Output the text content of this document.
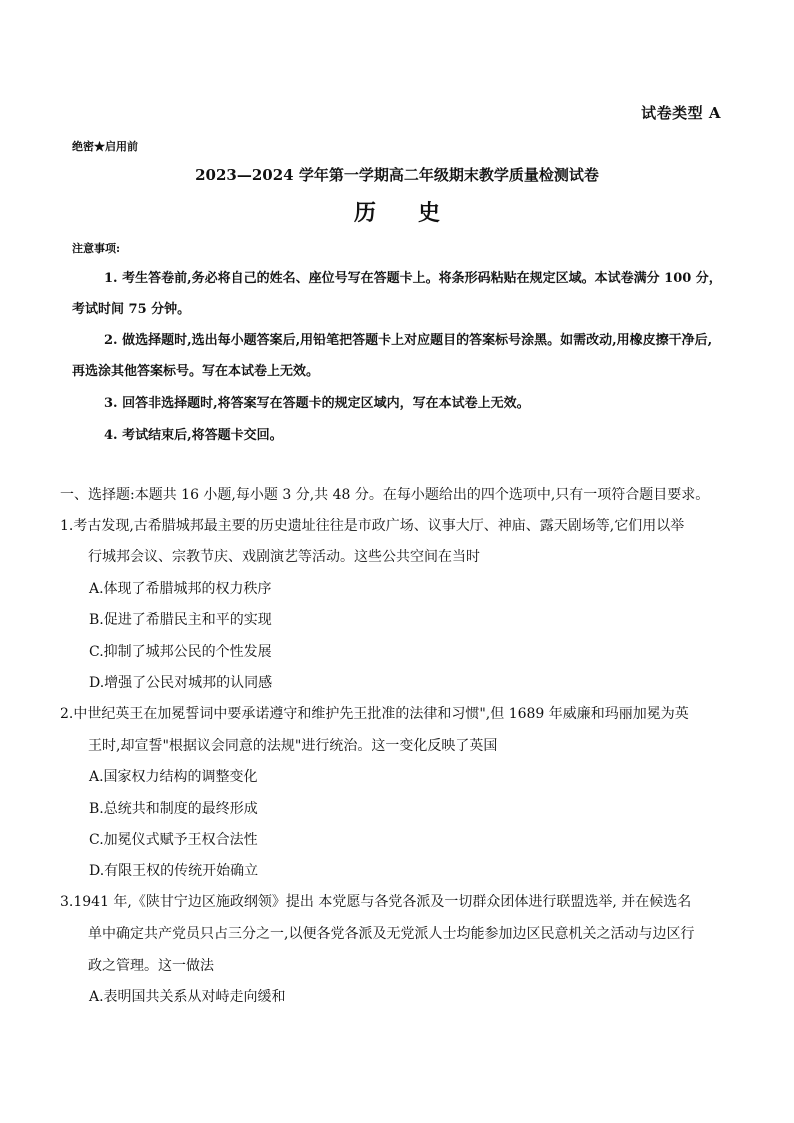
试卷类型 A
绝密★启用前
2023—2024 学年第一学期高二年级期末教学质量检测试卷
历史
注意事项:
1. 考生答卷前,务必将自己的姓名、座位号写在答题卡上。将条形码粘贴在规定区域。本试卷满分 100 分，考试时间 75 分钟。
2. 做选择题时,选出每小题答案后,用铅笔把答题卡上对应题目的答案标号涂黑。如需改动,用橡皮擦干净后,再选涂其他答案标号。写在本试卷上无效。
3. 回答非选择题时,将答案写在答题卡的规定区域内，写在本试卷上无效。
4. 考试结束后,将答题卡交回。
一、选择题:本题共 16 小题,每小题 3 分,共 48 分。在每小题给出的四个选项中,只有一项符合题目要求。
1.考古发现,古希腊城邦最主要的历史遗址往往是市政广场、议事大厅、神庙、露天剧场等,它们用以举
行城邦会议、宗教节庆、戏剧演艺等活动。这些公共空间在当时
A.体现了希腊城邦的权力秩序
B.促进了希腊民主和平的实现
C.抑制了城邦公民的个性发展
D.增强了公民对城邦的认同感
2.中世纪英王在加冕誓词中要承诺遵守和维护先王批准的法律和习惯",但 1689 年威廉和玛丽加冕为英
王时,却宣誓"根据议会同意的法规"进行统治。这一变化反映了英国
A.国家权力结构的调整变化
B.总统共和制度的最终形成
C.加冕仪式赋予王权合法性
D.有限王权的传统开始确立
3.1941 年,《陕甘宁边区施政纲领》提出 本党愿与各党各派及一切群众团体进行联盟选举, 并在候选名
单中确定共产党员只占三分之一,以便各党各派及无党派人士均能参加边区民意机关之活动与边区行
政之管理。这一做法
A.表明国共关系从对峙走向缓和
